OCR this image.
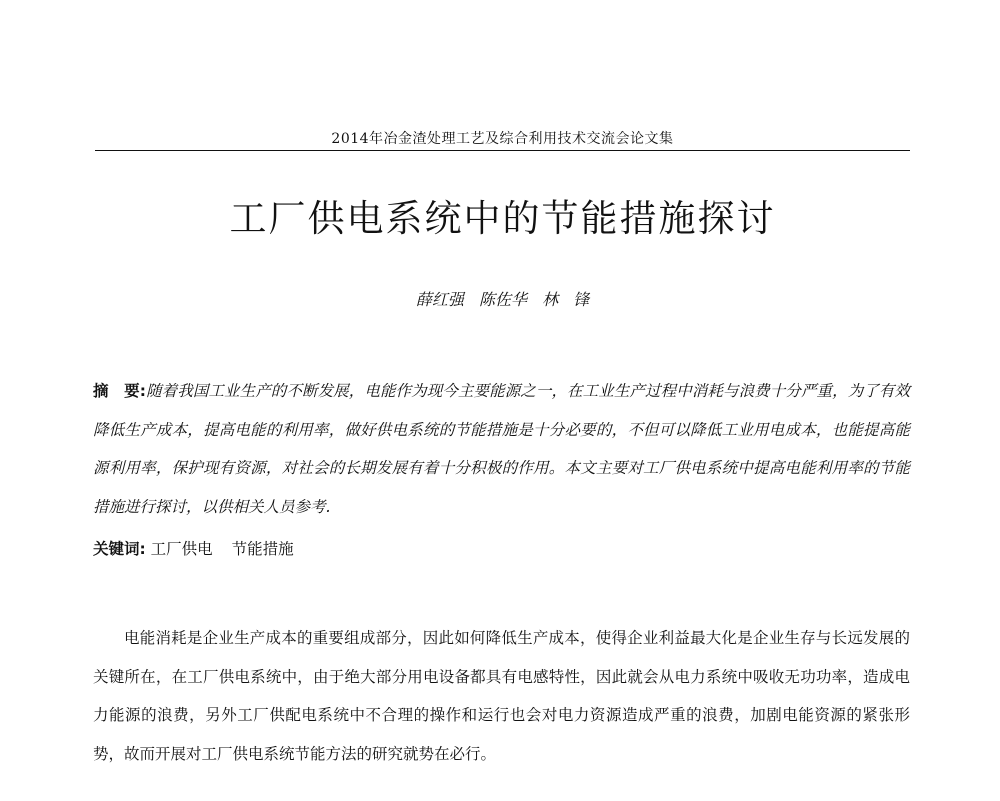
2014年冶金渣处理工艺及综合利用技术交流会论文集
工厂供电系统中的节能措施探讨
薛红强 陈佐华 林 锋
摘　要:随着我国工业生产的不断发展，电能作为现今主要能源之一，在工业生产过程中消耗与浪费十分严重，为了有效降低生产成本，提高电能的利用率，做好供电系统的节能措施是十分必要的，不但可以降低工业用电成本，也能提高能源利用率，保护现有资源，对社会的长期发展有着十分积极的作用。本文主要对工厂供电系统中提高电能利用率的节能措施进行探讨，以供相关人员参考.
关键词: 工厂供电 节能措施

电能消耗是企业生产成本的重要组成部分，因此如何降低生产成本，使得企业利益最大化是企业生存与长远发展的关键所在，在工厂供电系统中，由于绝大部分用电设备都具有电感特性，因此就会从电力系统中吸收无功功率，造成电力能源的浪费，另外工厂供配电系统中不合理的操作和运行也会对电力资源造成严重的浪费，加剧电能资源的紧张形势，故而开展对工厂供电系统节能方法的研究就势在必行。
